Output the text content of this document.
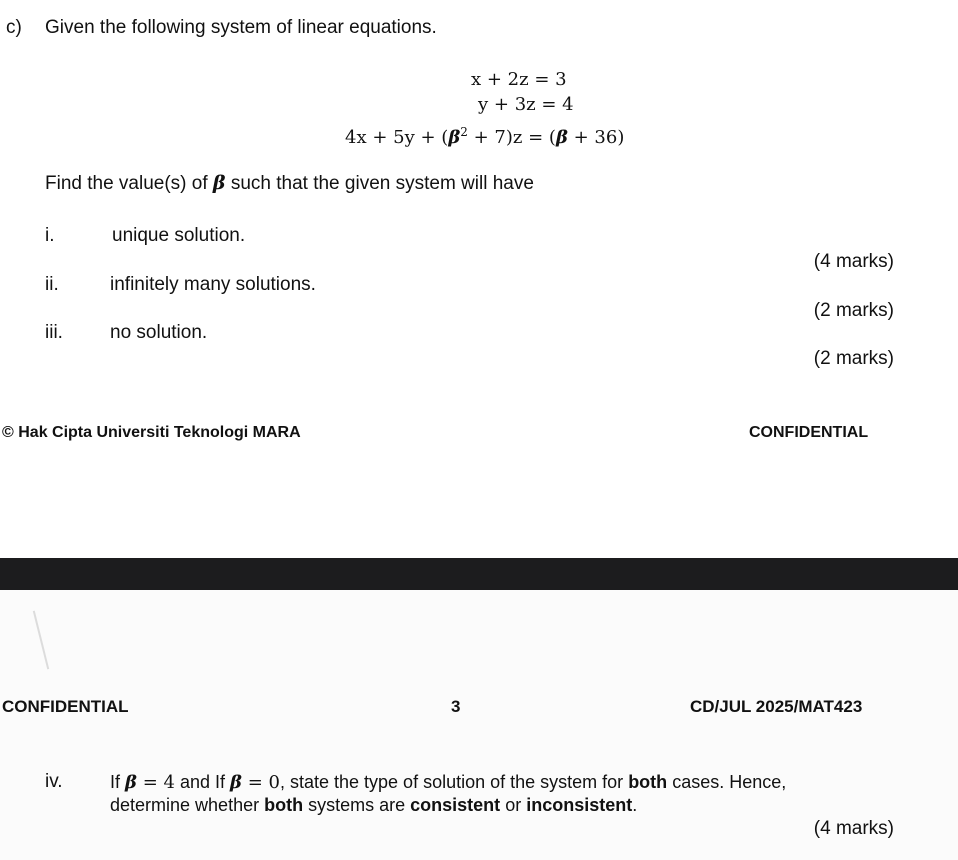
c) Given the following system of linear equations.
x + 2z = 3
y + 3z = 4
$4x + 5y + (\beta^2 + 7)z = (\beta + 36)$
Find the value(s) of β such that the given system will have
i.	unique solution.
(4 marks)
ii.	infinitely many solutions.
(2 marks)
iii. no solution.
(2 marks)
© Hak Cipta Universiti Teknologi MARA	CONFIDENTIAL
CONFIDENTIAL	3	CD/JUL 2025/MAT423
iv.	If β = 4 and If β = 0, state the type of solution of the system for both cases. Hence,
determine whether both systems are consistent or inconsistent.
(4 marks)
